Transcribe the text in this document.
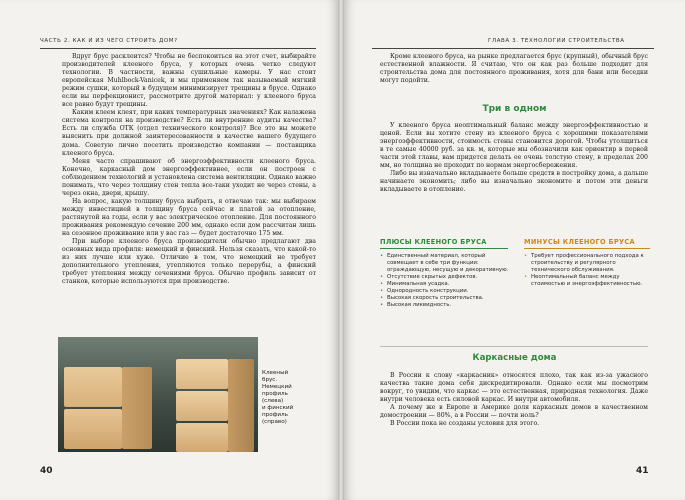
ЧАСТЬ 2. КАК И ИЗ ЧЕГО СТРОИТЬ ДОМ?

Вдруг брус расклеится? Чтобы не беспокоиться на этот счет, выбирайте производителей клееного бруса, у которых очень четко следуют технологии. В частности, важны сушильные камеры. У нас стоит европейская Muhlbock-Vanicek, и мы применяем так называемый мягкий режим сушки, который в будущем минимизирует трещины в брусе. Однако если вы перфекционист, рассмотрите другой материал: у клееного бруса все равно будут трещины.

Каким клеем клеят, при каких температурных значениях? Как налажена система контроля на производстве? Есть ли внутренние аудиты качества? Есть ли служба ОТК (отдел технического контроля)? Все это вы можете выяснить при должной заинтересованности в качестве вашего будущего дома. Советую лично посетить производство компании — поставщика клееного бруса.

Меня часто спрашивают об энергоэффективности клееного бруса. Конечно, каркасный дом энергоэффективнее, если он построен с соблюдением технологий и установлена система вентиляции. Однако важно понимать, что через толщину стен тепла все-таки уходит не через стены, а через окна, двери, крышу.

На вопрос, какую толщину бруса выбрать, я отвечаю так: мы выбираем между инвестицией в толщину бруса сейчас и платой за отопление, растянутой на годы, если у вас электрическое отопление. Для постоянного проживания рекомендую сечение 200 мм, однако если дом рассчитан лишь на сезонное проживание или у вас газ — будет достаточно 175 мм.

При выборе клееного бруса производители обычно предлагают два основных вида профиля: немецкий и финский. Нельзя сказать, что какой-то из них лучше или хуже. Отличие в том, что немецкий не требует дополнительного утепления, утепляются только перерубы, а финский требует утепления между сечениями бруса. Обычно профиль зависит от станков, которые используются при производстве.

Клееный
брус.
Немецкий
профиль
(слева)
и финский
профиль
(справо)
40
ГЛАВА 3. ТЕХНОЛОГИИ СТРОИТЕЛЬСТВА

Кроме клееного бруса, на рынке предлагается брус (крупный), обычный брус естественной влажности. Я считаю, что он как раз больше подходит для строительства дома для постоянного проживания, хотя для бани или беседки могут подойти.

Три в одном

У клееного бруса неоптимальный баланс между энергоэффективностью и ценой. Если вы хотите стену из клееного бруса с хорошими показателями энергоэффективности, стоимость стены становится дорогой. Чтобы утолщиться в те самые 40000 руб. за кв. м, которые мы обозначили как ориентир в первой части этой главы, вам придется делать ее очень толстую стену, в пределах 200 мм, но толщина не проходит по нормам энергосбережения.

Либо вы изначально вкладываете больше средств в постройку дома, а дальше начинаете экономить; либо вы изначально экономите и потом эти деньги вкладываете в отопление.

ПЛЮСЫ КЛЕЕНОГО БРУСА	МИНУСЫ КЛЕЕНОГО БРУСА
• Единственный материал, который совмещает в себе три функции: ограждающую, несущую и декоративную.
• Отсутствие скрытых дефектов.
• Минимальная усадка.
• Однородность конструкции.
• Высокая скорость строительства.
• Высокая ликвидность.
• Требует профессионального подхода к строительству и регулярного технического обслуживания.
• Неоптимальный баланс между стоимостью и энергоэффективностью.
Каркасные дома

В России к слову «каркасник» относятся плохо, так как из-за ужасного качества такие дома себя дискредитировали. Однако если мы посмотрим вокруг, то увидим, что каркас — это естественная, природная технология. Даже внутри человека есть силовой каркас. И внутри автомобиля.

А почему же в Европе и Америке доля каркасных домов в качественном домостроении — 80%, а в России — почти ноль?

В России пока не созданы условия для этого.

41
